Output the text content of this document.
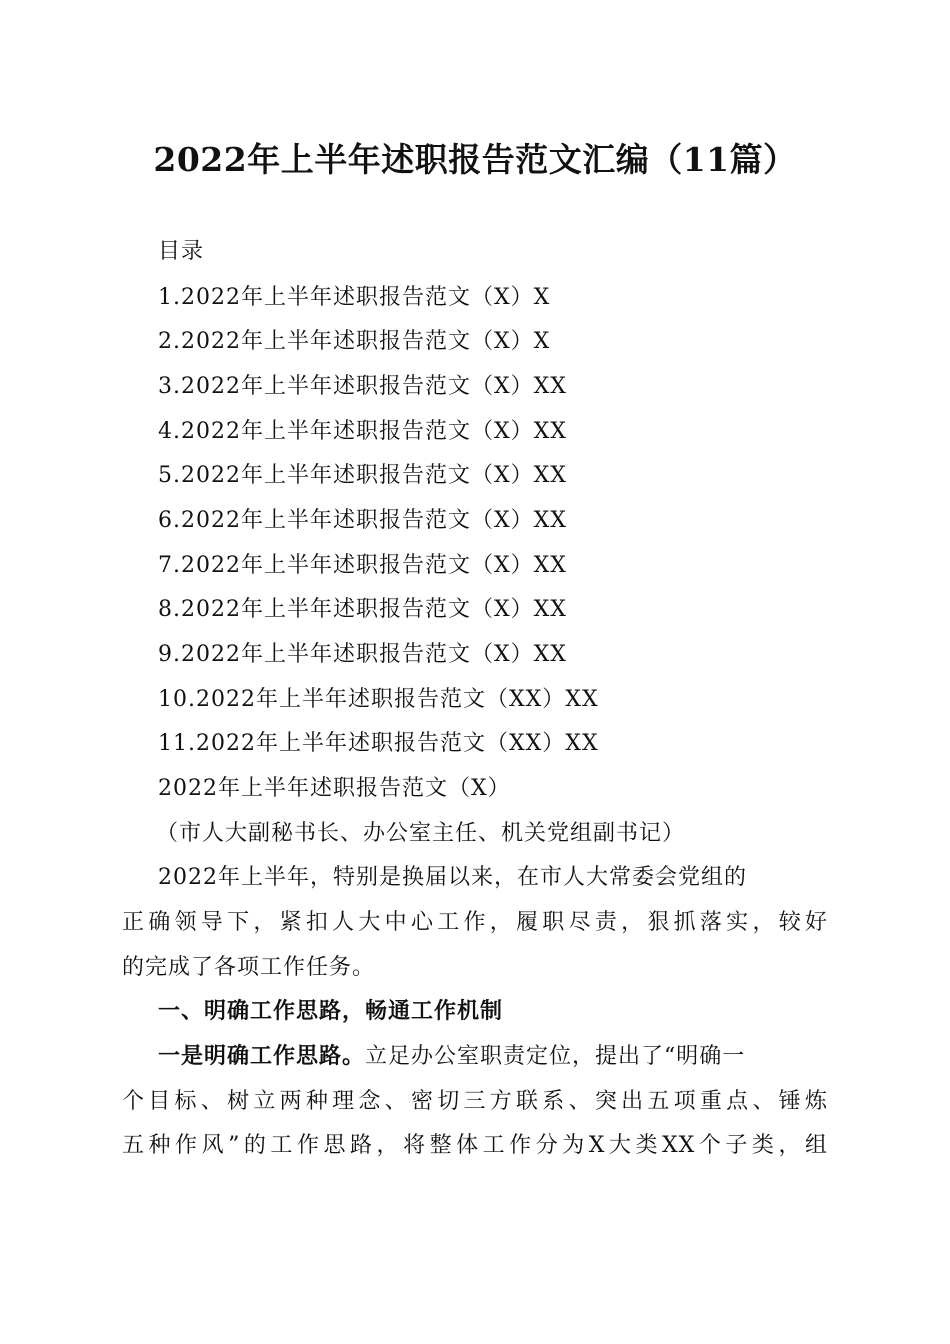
2022年上半年述职报告范文汇编（11篇）
目录
1.2022年上半年述职报告范文（X）X
2.2022年上半年述职报告范文（X）X
3.2022年上半年述职报告范文（X）XX
4.2022年上半年述职报告范文（X）XX
5.2022年上半年述职报告范文（X）XX
6.2022年上半年述职报告范文（X）XX
7.2022年上半年述职报告范文（X）XX
8.2022年上半年述职报告范文（X）XX
9.2022年上半年述职报告范文（X）XX
10.2022年上半年述职报告范文（XX）XX
11.2022年上半年述职报告范文（XX）XX
2022年上半年述职报告范文（X）
（市人大副秘书长、办公室主任、机关党组副书记）
2022年上半年，特别是换届以来，在市人大常委会党组的
正确领导下，紧扣人大中心工作，履职尽责，狠抓落实，较好
的完成了各项工作任务。
一、明确工作思路，畅通工作机制
一是明确工作思路。立足办公室职责定位，提出了“明确一
个目标、树立两种理念、密切三方联系、突出五项重点、锤炼
五种作风”的工作思路，将整体工作分为X大类XX个子类，组
